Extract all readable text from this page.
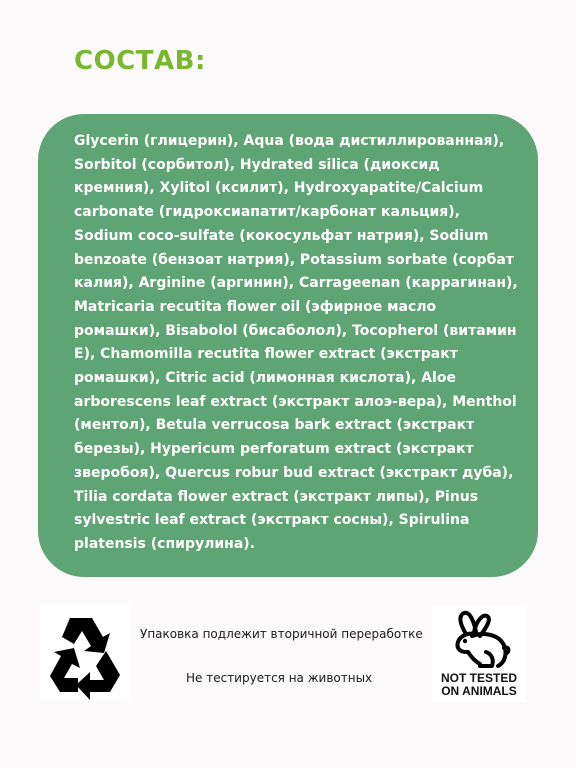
СОСТАВ:

Glycerin (глицерин), Aqua (вода дистиллированная), Sorbitol (сорбитол), Hydrated silica (диоксид кремния), Xylitol (ксилит), Hydroxyapatite/Calcium carbonate (гидроксиапатит/карбонат кальция), Sodium coco-sulfate (кокосульфат натрия), Sodium benzoate (бензоат натрия), Potassium sorbate (сорбат калия), Arginine (аргинин), Carrageenan (каррагинан), Matricaria recutita flower oil (эфирное масло ромашки), Bisabolol (бисаболол), Tocopherol (витамин Е), Chamomilla recutita flower extract (экстракт ромашки), Citric acid (лимонная кислота), Aloe arborescens leaf extract (экстракт алоэ-вера), Menthol (ментол), Betula verrucosa bark extract (экстракт березы), Hypericum perforatum extract (экстракт зверобоя), Quercus robur bud extract (экстракт дуба), Tilia cordata flower extract (экстракт липы), Pinus sylvestric leaf extract (экстракт сосны), Spirulina platensis (спирулина).

Упаковка подлежит вторичной переработке

Не тестируется на животных	NOT TESTED
ON ANIMALS
